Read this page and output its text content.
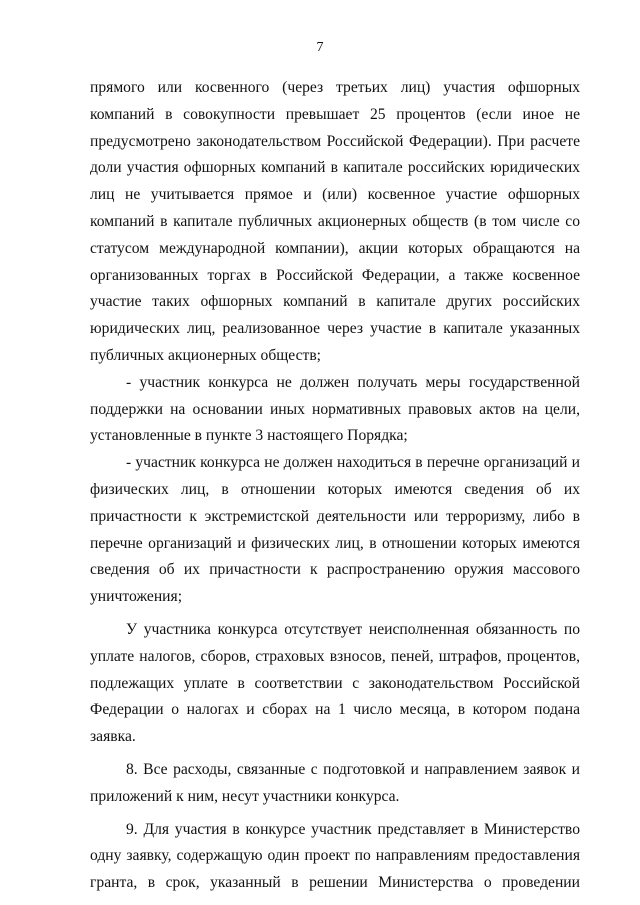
7

прямого или косвенного (через третьих лиц) участия офшорных компаний в совокупности превышает 25 процентов (если иное не предусмотрено законодательством Российской Федерации). При расчете доли участия офшорных компаний в капитале российских юридических лиц не учитывается прямое и (или) косвенное участие офшорных компаний в капитале публичных акционерных обществ (в том числе со статусом международной компании), акции которых обращаются на организованных торгах в Российской Федерации, а также косвенное участие таких офшорных компаний в капитале других российских юридических лиц, реализованное через участие в капитале указанных публичных акционерных обществ;

- участник конкурса не должен получать меры государственной поддержки на основании иных нормативных правовых актов на цели, установленные в пункте 3 настоящего Порядка;

- участник конкурса не должен находиться в перечне организаций и физических лиц, в отношении которых имеются сведения об их причастности к экстремистской деятельности или терроризму, либо в перечне организаций и физических лиц, в отношении которых имеются сведения об их причастности к распространению оружия массового уничтожения;

У участника конкурса отсутствует неисполненная обязанность по уплате налогов, сборов, страховых взносов, пеней, штрафов, процентов, подлежащих уплате в соответствии с законодательством Российской Федерации о налогах и сборах на 1 число месяца, в котором подана заявка.

8. Все расходы, связанные с подготовкой и направлением заявок и приложений к ним, несут участники конкурса.

9. Для участия в конкурсе участник представляет в Министерство одну заявку, содержащую один проект по направлениям предоставления гранта, в срок, указанный в решении Министерства о проведении
